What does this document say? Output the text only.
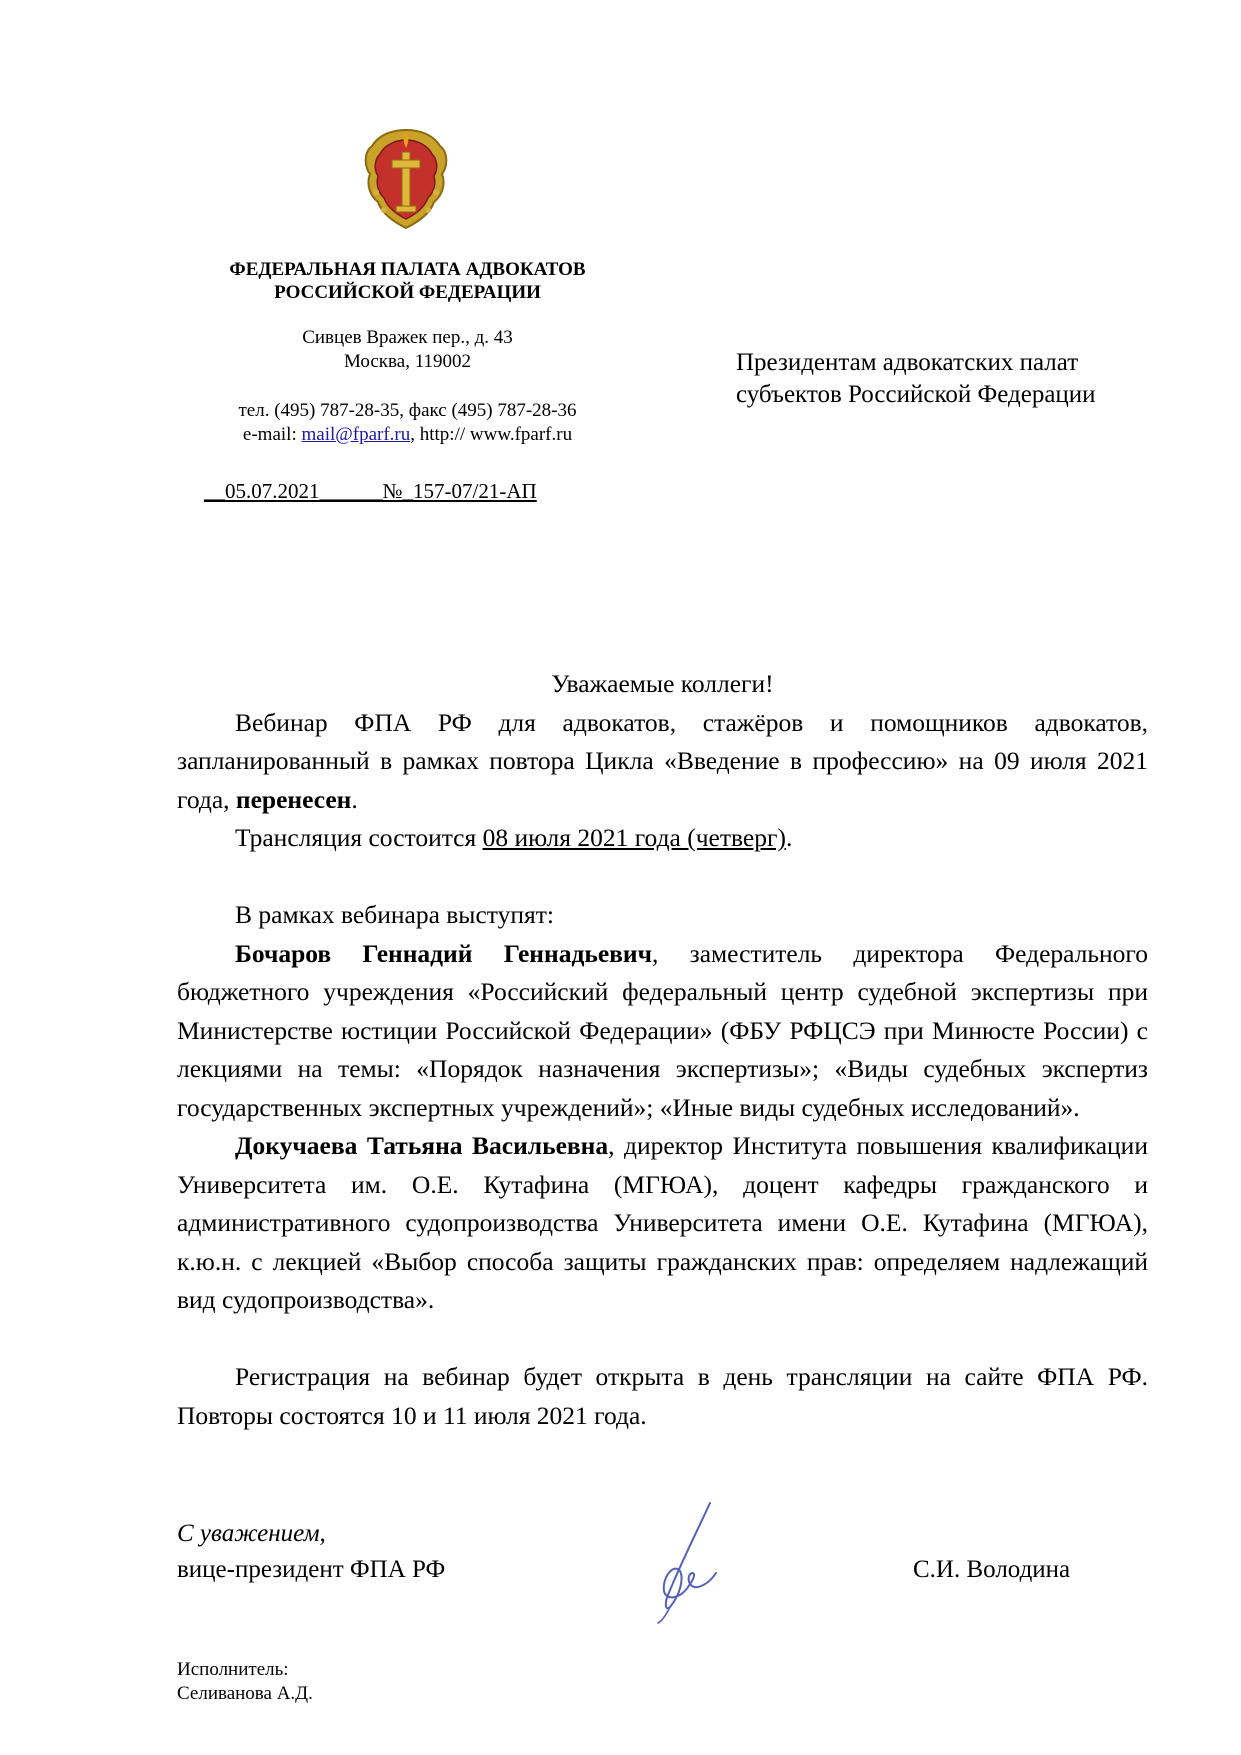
ФЕДЕРАЛЬНАЯ ПАЛАТА АДВОКАТОВ
РОССИЙСКОЙ ФЕДЕРАЦИИ
Сивцев Вражек пер., д. 43
Москва, 119002
тел. (495) 787-28-35, факс (495) 787-28-36
e-mail: mail@fparf.ru, http:// www.fparf.ru
__05.07.2021______№_157-07/21-АП
Президентам адвокатских палат
субъектов Российской Федерации

Уважаемые коллеги!

Вебинар ФПА РФ для адвокатов, стажёров и помощников адвокатов, запланированный в рамках повтора Цикла «Введение в профессию» на 09 июля 2021 года, перенесен.

Трансляция состоится 08 июля 2021 года (четверг).

В рамках вебинара выступят:

Бочаров Геннадий Геннадьевич, заместитель директора Федерального бюджетного учреждения «Российский федеральный центр судебной экспертизы при Министерстве юстиции Российской Федерации» (ФБУ РФЦСЭ при Минюсте России) с лекциями на темы: «Порядок назначения экспертизы»; «Виды судебных экспертиз государственных экспертных учреждений»; «Иные виды судебных исследований».

Докучаева Татьяна Васильевна, директор Института повышения квалификации Университета им. О.Е. Кутафина (МГЮА), доцент кафедры гражданского и административного судопроизводства Университета имени О.Е. Кутафина (МГЮА), к.ю.н. с лекцией «Выбор способа защиты гражданских прав: определяем надлежащий вид судопроизводства».

Регистрация на вебинар будет открыта в день трансляции на сайте ФПА РФ. Повторы состоятся 10 и 11 июля 2021 года.

С уважением,
вице-президент ФПА РФ	С.И. Володина
Исполнитель:
Селиванова А.Д.
